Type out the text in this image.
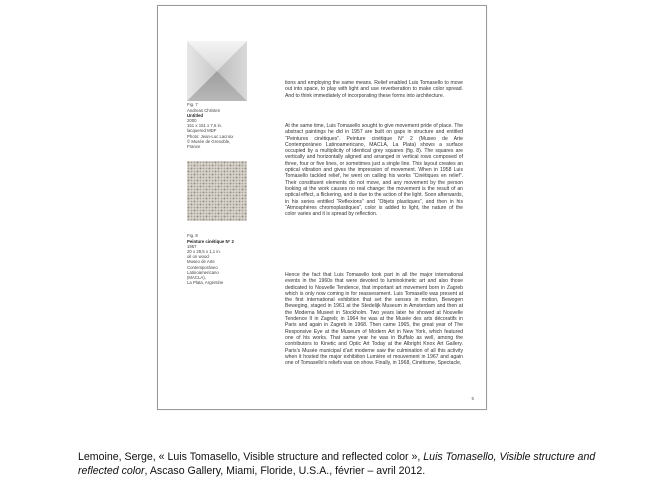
Fig. 7
Andreas Christen
Untitled
2000
151 x 151 x 7,6 in.
lacquered MDF
Photo: Jean-Luc Lacroix
© Musée de Grenoble,
France
Fig. 8
Peinture cinétique N° 2
1957
20 x 29,5 x 1,1 in.
oil on wood
Museo de Arte
Contemporáneo
Latinoamericano
(MACLA),
La Plata, Argentine
tions and employing the same means. Relief enabled Luis Tomasello to move out into space, to play with light and use reverberation to make color spread. And to think immediately of incorporating these forms into architecture.
At the same time, Luis Tomasello sought to give movement pride of place. The abstract paintings he did in 1957 are built on gaps in structure and entitled “Peintures cinétiques”. Peinture cinétique N° 2 (Museo de Arte Contemporáneo Latinoamericano, MACLA, La Plata) shows a surface occupied by a multiplicity of identical grey squares (fig. 8). The squares are vertically and horizontally aligned and arranged in vertical rows composed of three, four or five lines, or sometimes just a single line. This layout creates an optical vibration and gives the impression of movement. When in 1958 Luis Tomasello tackled relief, he went on calling his works “Cinétiques en relief”. Their constituent elements do not move, and any movement by the person looking at the work causes no real change: the movement is the result of an optical effect, a flickering, and is due to the action of the light. Soon afterwards, in his series entitled “Reflexions” and “Objets plastiques”, and then in his “Atmosphères chromoplastiques”, color is added to light, the nature of the color varies and it is spread by reflection.
Hence the fact that Luis Tomasello took part in all the major international events in the 1960s that were devoted to luminokinetic art and also those dedicated to Nouvelle Tendence, that important art movement born in Zagreb which is only now coming in for reassessment. Luis Tomasello was present at the first international exhibition that set the senses in motion, Bewogen Beweging, staged in 1961 at the Stedelijk Museum in Amsterdam and then at the Moderna Museet in Stockholm. Two years later he showed at Nouvelle Tendence II in Zagreb; in 1964 he was at the Musée des arts décoratifs in Paris and again in Zagreb in 1968. Then came 1965, the great year of The Responsive Eye at the Museum of Modern Art in New York, which featured one of his works. That same year he was in Buffalo as well, among the contributors to Kinetic and Optic Art Today at the Albright Knox Art Gallery. Paris’s Musée municipal d’art moderne saw the culmination of all this activity when it hosted the major exhibition Lumière et mouvement in 1967 and again one of Tomasello’s reliefs was on show. Finally, in 1968, Cinétisme, Spectacle,
5
Lemoine, Serge, « Luis Tomasello, Visible structure and reflected color », Luis Tomasello, Visible structure and reflected color, Ascaso Gallery, Miami, Floride, U.S.A., février – avril 2012.
